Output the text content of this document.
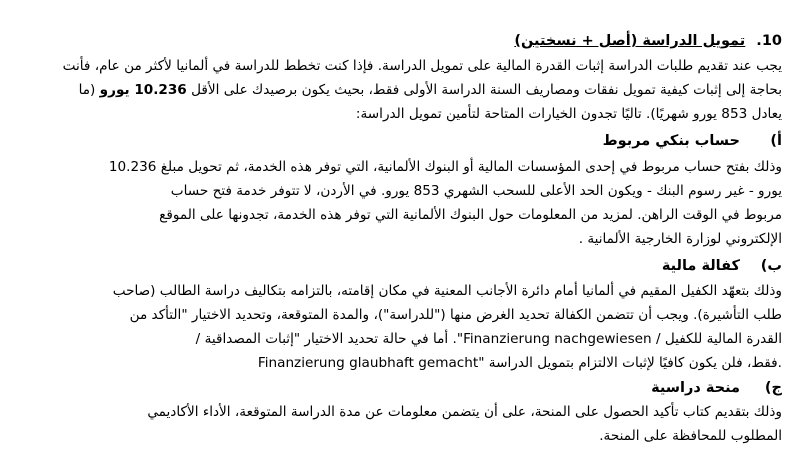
10. تمويل الدراسة (أصل + نسختين)

يجب عند تقديم طلبات الدراسة إثبات القدرة المالية على تمويل الدراسة. فإذا كنت تخطط للدراسة في ألمانيا لأكثر من عام، فأنت

بحاجة إلى إثبات كيفية تمويل نفقات ومصاريف السنة الدراسة الأولى فقط، بحيث يكون برصيدك على الأقل 10.236 يورو (ما

يعادل 853 يورو شهريًا). تاليًا تجدون الخيارات المتاحة لتأمين تمويل الدراسة:

أ)

حساب بنكي مربوط

وذلك بفتح حساب مربوط في إحدى المؤسسات المالية أو البنوك الألمانية، التي توفر هذه الخدمة، ثم تحويل مبلغ 10.236

يورو - غير رسوم البنك - ويكون الحد الأعلى للسحب الشهري 853 يورو. في الأردن، لا تتوفر خدمة فتح حساب

مربوط في الوقت الراهن. لمزيد من المعلومات حول البنوك الألمانية التي توفر هذه الخدمة، تجدونها على الموقع

الإلكتروني لوزارة الخارجية الألمانية .

ب)

كفالة مالية

وذلك بتعهّد الكفيل المقيم في ألمانيا أمام دائرة الأجانب المعنية في مكان إقامته، بالتزامه بتكاليف دراسة الطالب (صاحب

طلب التأشيرة). ويجب أن تتضمن الكفالة تحديد الغرض منها ("للدراسة")، والمدة المتوقعة، وتحديد الاختيار "التأكد من

القدرة المالية للكفيل / Finanzierung nachgewiesen". أما في حالة تحديد الاختيار "إثبات المصداقية /

Finanzierung glaubhaft gemacht" فقط، فلن يكون كافيًا لإثبات الالتزام بتمويل الدراسة.

ج)

منحة دراسية

وذلك بتقديم كتاب تأكيد الحصول على المنحة، على أن يتضمن معلومات عن مدة الدراسة المتوقعة، الأداء الأكاديمي

المطلوب للمحافظة على المنحة.
